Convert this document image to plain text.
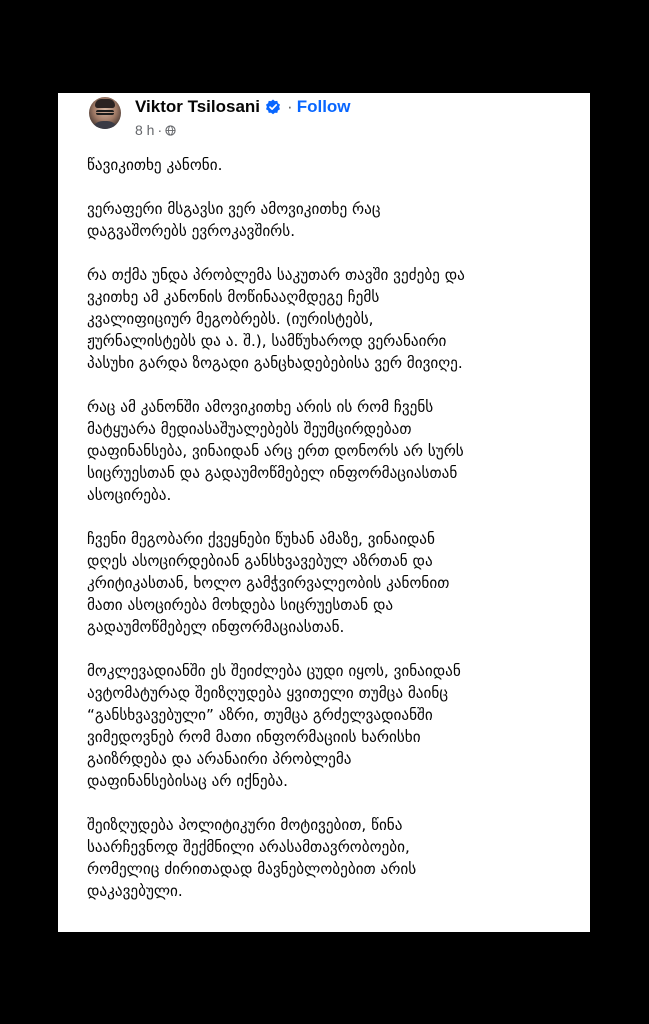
Viktor Tsilosani · Follow
8 h ·

წავიკითხე კანონი.

ვერაფერი მსგავსი ვერ ამოვიკითხე რაც
დაგვაშორებს ევროკავშირს.

რა თქმა უნდა პრობლემა საკუთარ თავში ვეძებე და
ვკითხე ამ კანონის მოწინააღმდეგე ჩემს
კვალიფიციურ მეგობრებს. (იურისტებს,
ჟურნალისტებს და ა. შ.), სამწუხაროდ ვერანაირი
პასუხი გარდა ზოგადი განცხადებებისა ვერ მივიღე.

რაც ამ კანონში ამოვიკითხე არის ის რომ ჩვენს
მატყუარა მედიასაშუალებებს შეუმცირდებათ
დაფინანსება, ვინაიდან არც ერთ დონორს არ სურს
სიცრუესთან და გადაუმოწმებელ ინფორმაციასთან
ასოცირება.

ჩვენი მეგობარი ქვეყნები წუხან ამაზე, ვინაიდან
დღეს ასოცირდებიან განსხვავებულ აზრთან და
კრიტიკასთან, ხოლო გამჭვირვალეობის კანონით
მათი ასოცირება მოხდება სიცრუესთან და
გადაუმოწმებელ ინფორმაციასთან.

მოკლევადიანში ეს შეიძლება ცუდი იყოს, ვინაიდან
ავტომატურად შეიზღუდება ყვითელი თუმცა მაინც
“განსხვავებული” აზრი, თუმცა გრძელვადიანში
ვიმედოვნებ რომ მათი ინფორმაციის ხარისხი
გაიზრდება და არანაირი პრობლემა
დაფინანსებისაც არ იქნება.

შეიზღუდება პოლიტიკური მოტივებით, წინა
საარჩევნოდ შექმნილი არასამთავრობოები,
რომელიც ძირითადად მავნებლობებით არის
დაკავებული.
